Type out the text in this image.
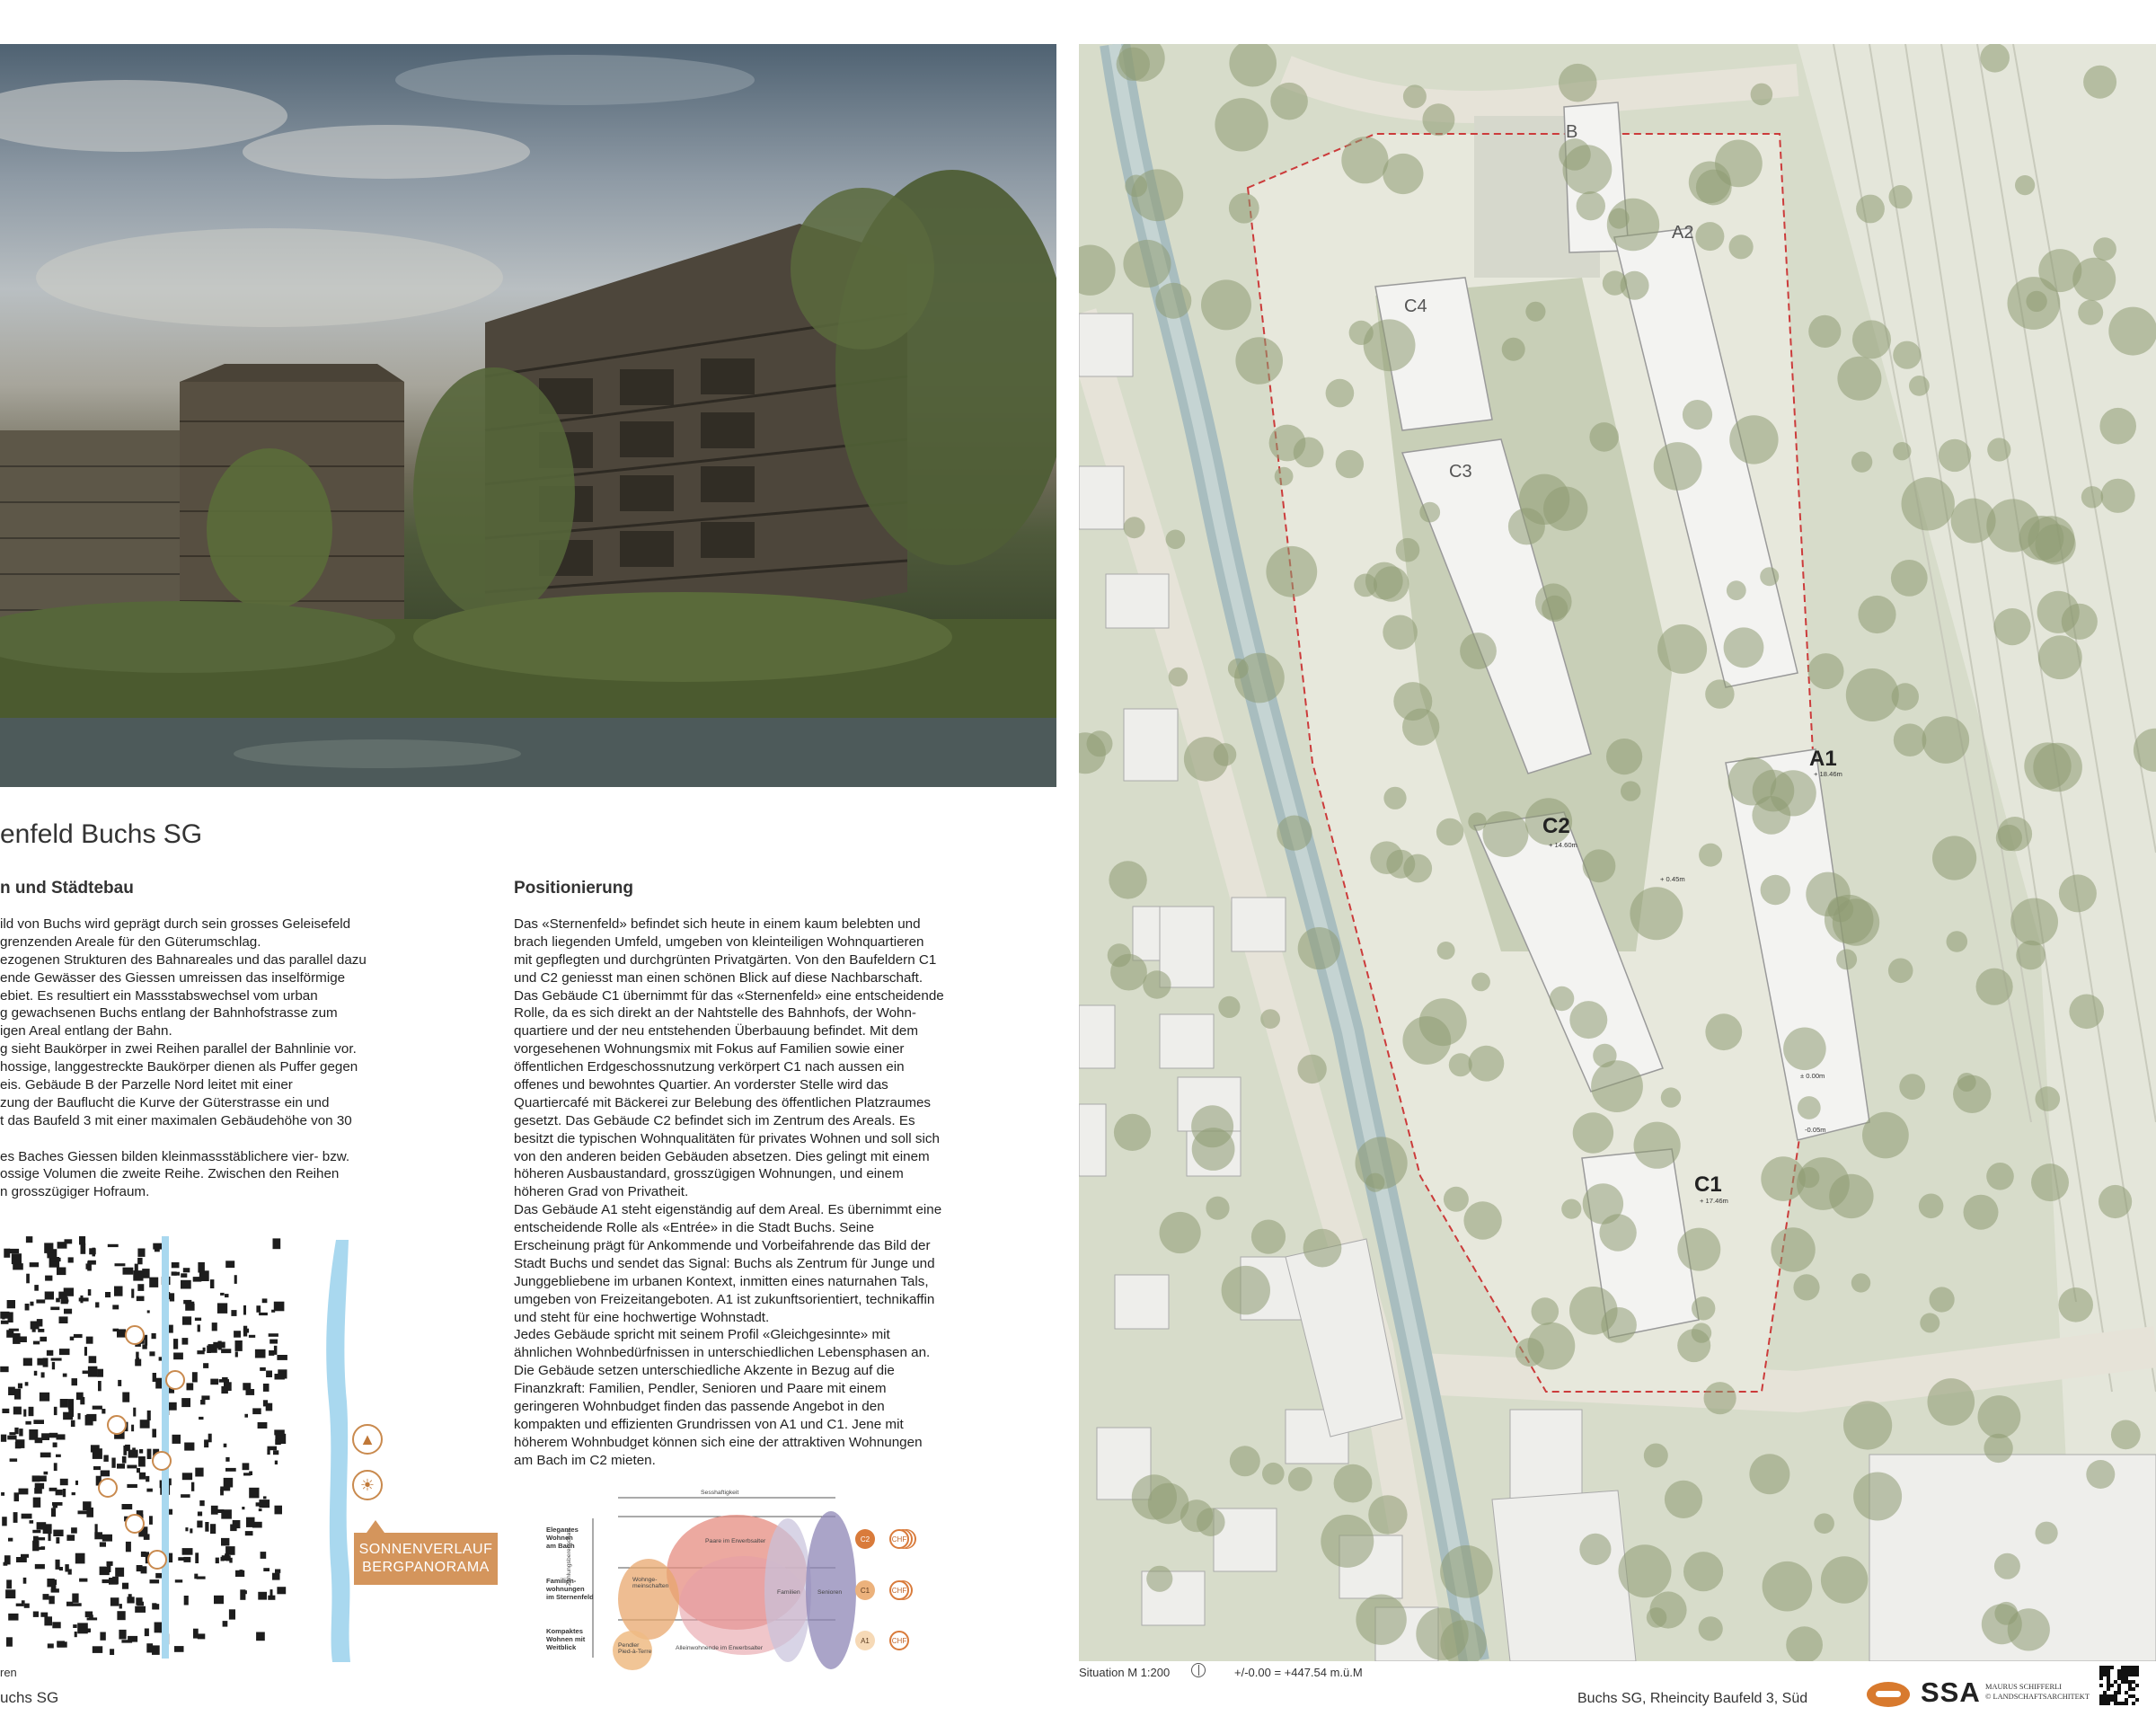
enfeld Buchs SG
n und Städtebau
ild von Buchs wird geprägt durch sein grosses Geleisefeld
grenzenden Areale für den Güterumschlag.
ezogenen Strukturen des Bahnareales und das parallel dazu
ende Gewässer des Giessen umreissen das inselförmige
ebiet. Es resultiert ein Massstabswechsel vom urban
g gewachsenen Buchs entlang der Bahnhofstrasse zum
igen Areal entlang der Bahn.
g sieht Baukörper in zwei Reihen parallel der Bahnlinie vor.
hossige, langgestreckte Baukörper dienen als Puffer gegen
eis. Gebäude B der Parzelle Nord leitet mit einer
zung der Bauflucht die Kurve der Güterstrasse ein und
t das Baufeld 3 mit einer maximalen Gebäudehöhe von 30
es Baches Giessen bilden kleinmassstäblichere vier- bzw.
ossige Volumen die zweite Reihe. Zwischen den Reihen
n grosszügiger Hofraum.
Positionierung
Das «Sternenfeld» befindet sich heute in einem kaum belebten und
brach liegenden Umfeld, umgeben von kleinteiligen Wohnquartieren
mit gepflegten und durchgrünten Privatgärten. Von den Baufeldern C1
und C2 geniesst man einen schönen Blick auf diese Nachbarschaft.
Das Gebäude C1 übernimmt für das «Sternenfeld» eine entscheidende
Rolle, da es sich direkt an der Nahtstelle des Bahnhofs, der Wohn-
quartiere und der neu entstehenden Überbauung befindet. Mit dem
vorgesehenen Wohnungsmix mit Fokus auf Familien sowie einer
öffentlichen Erdgeschossnutzung verkörpert C1 nach aussen ein
offenes und bewohntes Quartier. An vorderster Stelle wird das
Quartiercafé mit Bäckerei zur Belebung des öffentlichen Platzraumes
gesetzt. Das Gebäude C2 befindet sich im Zentrum des Areals. Es
besitzt die typischen Wohnqualitäten für privates Wohnen und soll sich
von den anderen beiden Gebäuden absetzen. Dies gelingt mit einem
höheren Ausbaustandard, grosszügigen Wohnungen, und einem
höheren Grad von Privatheit.
Das Gebäude A1 steht eigenständig auf dem Areal. Es übernimmt eine
entscheidende Rolle als «Entrée» in die Stadt Buchs. Seine
Erscheinung prägt für Ankommende und Vorbeifahrende das Bild der
Stadt Buchs und sendet das Signal: Buchs als Zentrum für Junge und
Junggebliebene im urbanen Kontext, inmitten eines naturnahen Tals,
umgeben von Freizeitangeboten. A1 ist zukunftsorientiert, technikaffin
und steht für eine hochwertige Wohnstadt.
Jedes Gebäude spricht mit seinem Profil «Gleichgesinnte» mit
ähnlichen Wohnbedürfnissen in unterschiedlichen Lebensphasen an.
Die Gebäude setzen unterschiedliche Akzente in Bezug auf die
Finanzkraft: Familien, Pendler, Senioren und Paare mit einem
geringeren Wohnbudget finden das passende Angebot in den
kompakten und effizienten Grundrissen von A1 und C1. Jene mit
höherem Wohnbudget können sich eine der attraktiven Wohnungen
am Bach im C2 mieten.
▲
☀
SONNENVERLAUF
BERGPANORAMA
ren
uchs SG
Sesshaftigkeit
Zahlungsbereitschaft
Elegantes
Wohnen
am Bach
Familien-
wohnungen
im Sternenfeld
Kompaktes
Wohnen mit
Weitblick
Paare im Erwerbsalter
Wohnge-
meinschaften
Familien	Senioren
Pendler
Pied-à-Terre
Alleinwohnende im Erwerbsalter
C2
C1
A1
CHF
CHF
CHF
B
A2
C4
C3
C2
+ 14.60m
A1
+ 18.46m
C1
+ 17.46m
+ 0.45m
± 0.00m
-0.05m
Situation M 1:200	+/-0.00 = +447.54 m.ü.M
Buchs SG, Rheincity Baufeld 3, Süd	SSA MAURUS SCHIFFERLI
© LANDSCHAFTSARCHITEKT
